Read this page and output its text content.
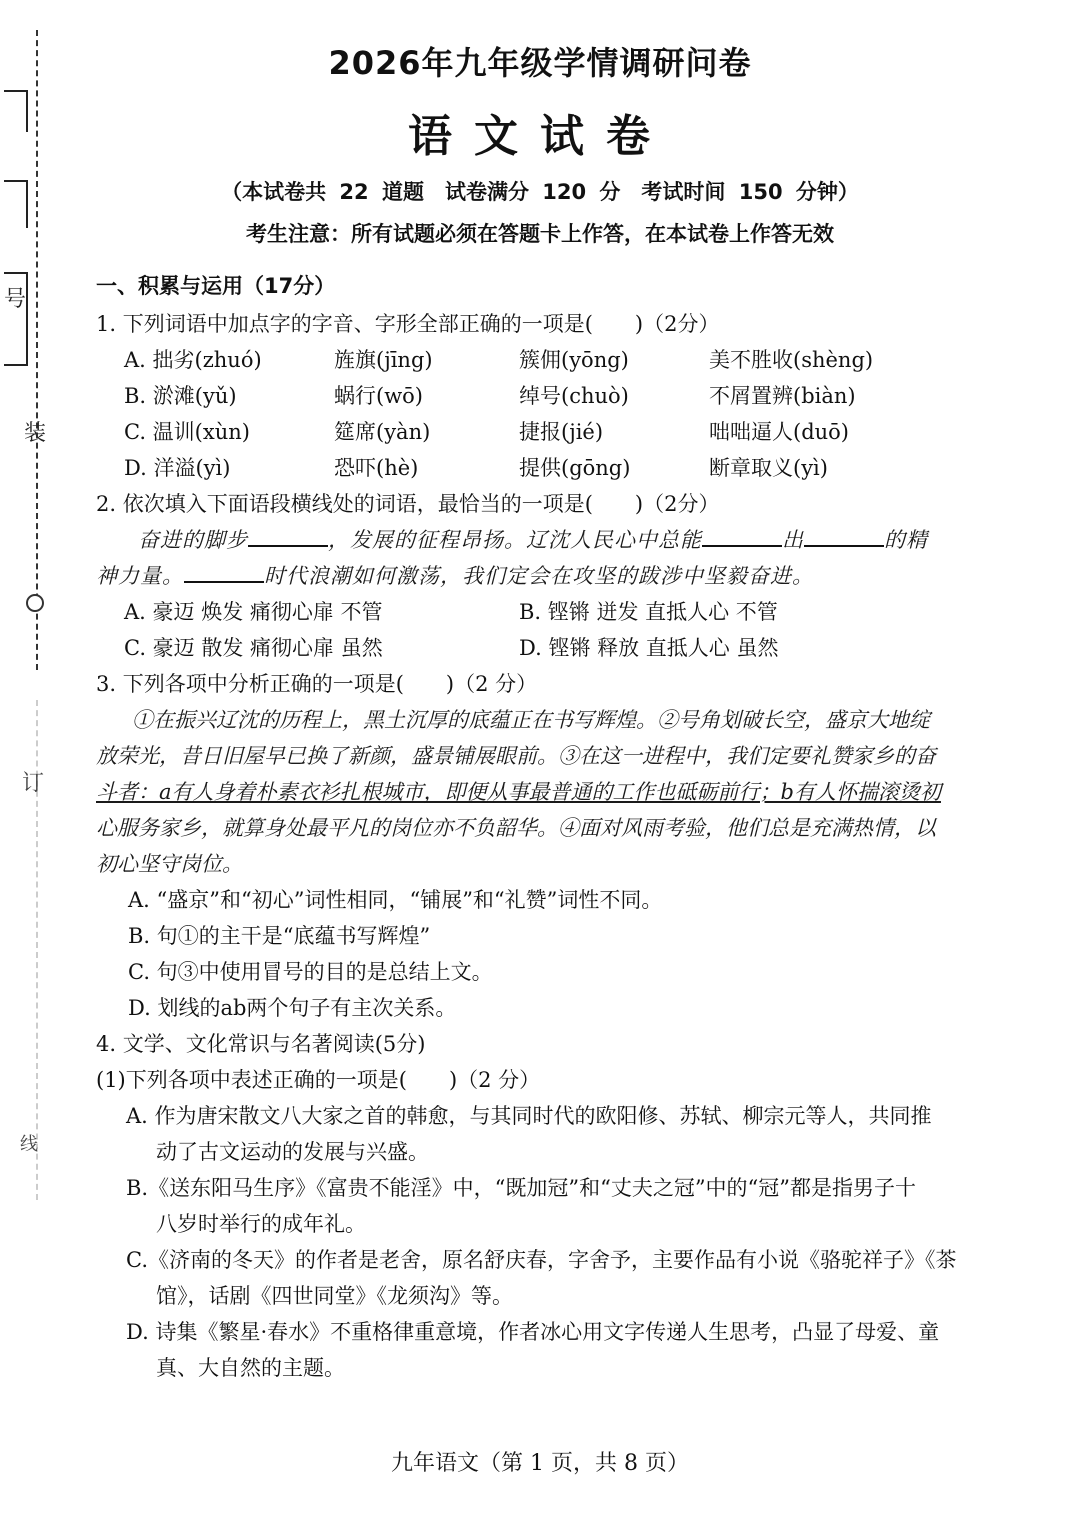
号
装
订
线
2026年九年级学情调研问卷
语文试卷
（本试卷共 22 道题　试卷满分 120 分　考试时间 150 分钟）
考生注意：所有试题必须在答题卡上作答，在本试卷上作答无效
一、积累与运用（17分）
1. 下列词语中加点字的字音、字形全部正确的一项是(　　)（2分）
A. 拙劣(zhuó)	旌旗(jīng)	簇佣(yōng)	美不胜收(shèng)
B. 淤滩(yǔ)	蜗行(wō)	绰号(chuò)	不屑置辨(biàn)
C. 温训(xùn)	筵席(yàn)	捷报(jié)	咄咄逼人(duō)
D. 洋溢(yì)	恐吓(hè)	提供(gōng)	断章取义(yì)
2. 依次填入下面语段横线处的词语，最恰当的一项是(　　)（2分）
奋进的脚步	，发展的征程昂扬。辽沈人民心中总能	出	的精
神力量。	时代浪潮如何激荡，我们定会在攻坚的跋涉中坚毅奋进。
A. 豪迈 焕发 痛彻心扉 不管	B. 铿锵 迸发 直抵人心 不管
C. 豪迈 散发 痛彻心扉 虽然	D. 铿锵 释放 直抵人心 虽然
3. 下列各项中分析正确的一项是(　　)（2 分）
①在振兴辽沈的历程上，黑土沉厚的底蕴正在书写辉煌。②号角划破长空，盛京大地绽
放荣光，昔日旧屋早已换了新颜，盛景铺展眼前。③在这一进程中，我们定要礼赞家乡的奋
斗者：a有人身着朴素衣衫扎根城市，即便从事最普通的工作也砥砺前行；b有人怀揣滚烫初
心服务家乡，就算身处最平凡的岗位亦不负韶华。④面对风雨考验，他们总是充满热情，以
初心坚守岗位。
A. “盛京”和“初心”词性相同，“铺展”和“礼赞”词性不同。
B. 句①的主干是“底蕴书写辉煌”
C. 句③中使用冒号的目的是总结上文。
D. 划线的ab两个句子有主次关系。
4. 文学、文化常识与名著阅读(5分)
(1)下列各项中表述正确的一项是(　　)（2 分）
A. 作为唐宋散文八大家之首的韩愈，与其同时代的欧阳修、苏轼、柳宗元等人，共同推
动了古文运动的发展与兴盛。
B.《送东阳马生序》《富贵不能淫》中，“既加冠”和“丈夫之冠”中的“冠”都是指男子十
八岁时举行的成年礼。
C.《济南的冬天》的作者是老舍，原名舒庆春，字舍予，主要作品有小说《骆驼祥子》《茶
馆》，话剧《四世同堂》《龙须沟》等。
D. 诗集《繁星·春水》不重格律重意境，作者冰心用文字传递人生思考，凸显了母爱、童
真、大自然的主题。
九年语文（第 1 页，共 8 页）
